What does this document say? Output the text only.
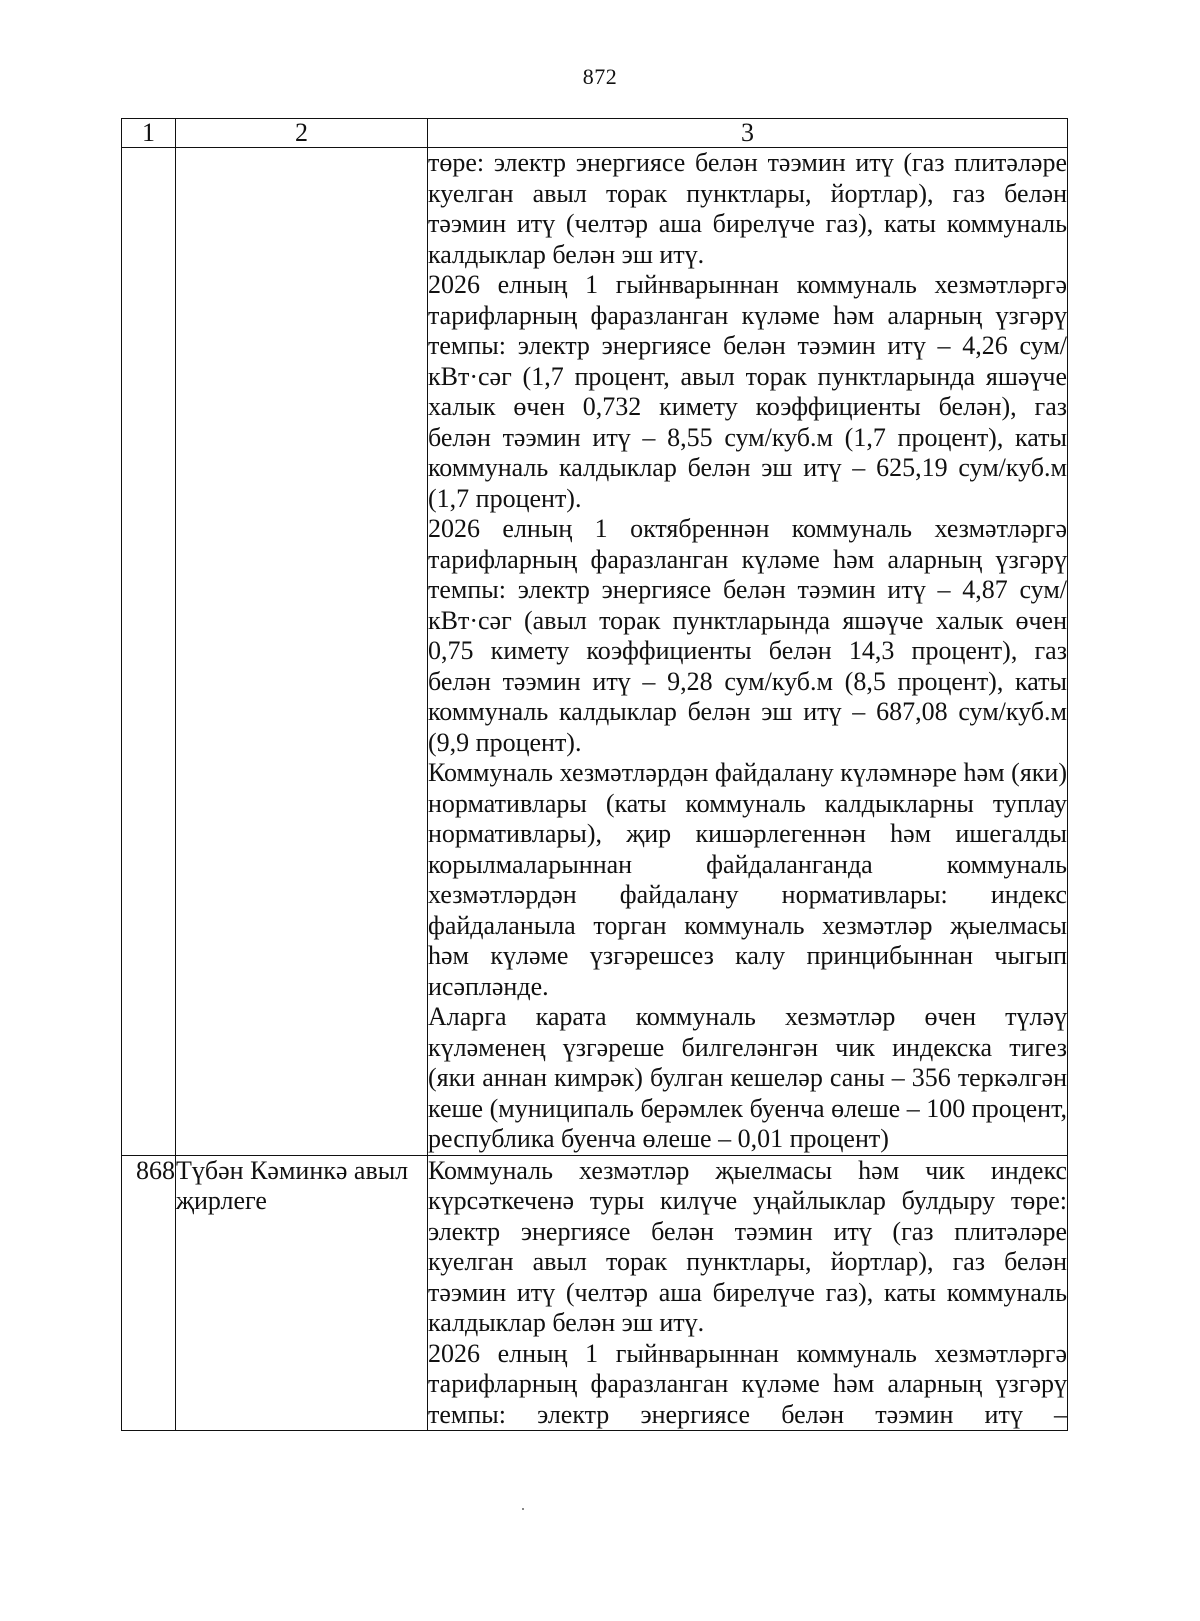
872
1	2	3

		төре: электр энергиясе белән тәэмин итү (газ плитәләре куелган авыл торак пунктлары, йортлар), газ белән тәэмин итү (челтәр аша бирелүче газ), каты коммуналь калдыклар белән эш итү.
2026 елның 1 гыйнварыннан коммуналь хезмәтләргә тарифларның фаразланган күләме һәм аларның үзгәрү темпы: электр энергиясе белән тәэмин итү – 4,26 сум/кВт·сәг (1,7 процент, авыл торак пунктларында яшәүче халык өчен 0,732 кимету коэффициенты белән), газ белән тәэмин итү – 8,55 сум/куб.м (1,7 процент), каты коммуналь калдыклар белән эш итү – 625,19 сум/куб.м (1,7 процент).
2026 елның 1 октябреннән коммуналь хезмәтләргә тарифларның фаразланган күләме һәм аларның үзгәрү темпы: электр энергиясе белән тәэмин итү – 4,87 сум/кВт·сәг (авыл торак пунктларында яшәүче халык өчен 0,75 кимету коэффициенты белән 14,3 процент), газ белән тәэмин итү – 9,28 сум/куб.м (8,5 процент), каты коммуналь калдыклар белән эш итү – 687,08 сум/куб.м (9,9 процент).
Коммуналь хезмәтләрдән файдалану күләмнәре һәм (яки) нормативлары (каты коммуналь калдыкларны туплау нормативлары), җир кишәрлегеннән һәм ишегалды корылмаларыннан файдаланганда коммуналь хезмәтләрдән файдалану нормативлары: индекс файдаланыла торган коммуналь хезмәтләр җыелмасы һәм күләме үзгәрешсез калу принцибыннан чыгып исәпләнде.
Аларга карата коммуналь хезмәтләр өчен түләү күләменең үзгәреше билгеләнгән чик индекска тигез (яки аннан кимрәк) булган кешеләр саны – 356 теркәлгән кеше (муниципаль берәмлек буенча өлеше – 100 процент, республика буенча өлеше – 0,01 процент)

868	Түбән Кәминкә авыл җирлеге	Коммуналь хезмәтләр җыелмасы һәм чик индекс күрсәткеченә туры килүче уңайлыклар булдыру төре: электр энергиясе белән тәэмин итү (газ плитәләре куелган авыл торак пунктлары, йортлар), газ белән тәэмин итү (челтәр аша бирелүче газ), каты коммуналь калдыклар белән эш итү.
2026 елның 1 гыйнварыннан коммуналь хезмәтләргә тарифларның фаразланган күләме һәм аларның үзгәрү темпы: электр энергиясе белән тәэмин итү –
